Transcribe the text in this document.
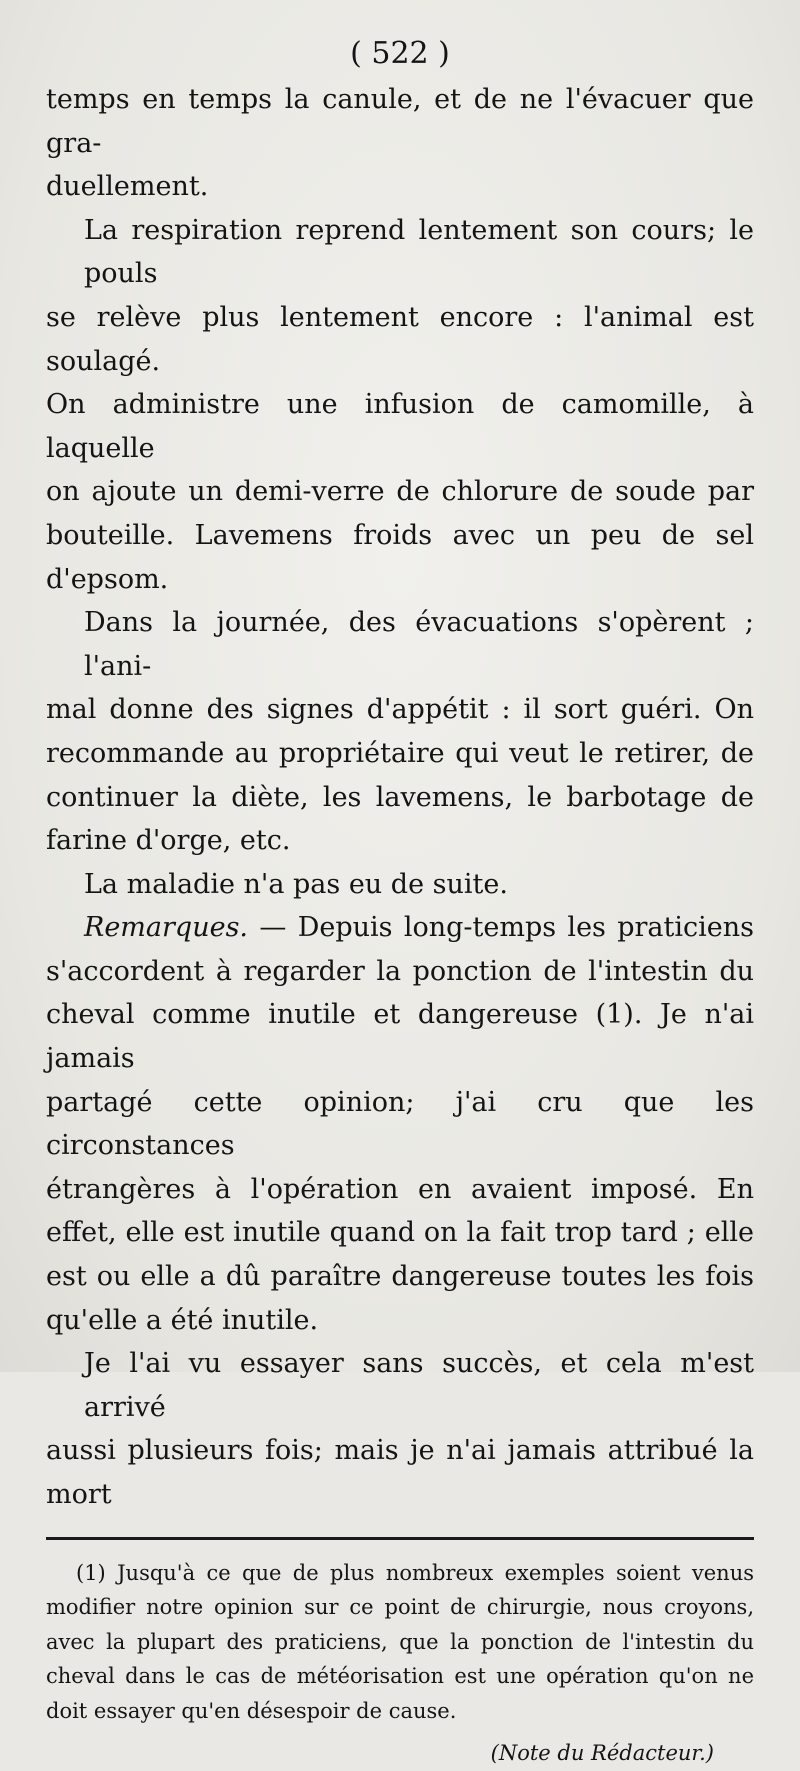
( 522 )

temps en temps la canule, et de ne l'évacuer que gra-
duellement.

La respiration reprend lentement son cours; le pouls
se relève plus lentement encore : l'animal est soulagé.
On administre une infusion de camomille, à laquelle
on ajoute un demi-verre de chlorure de soude par
bouteille. Lavemens froids avec un peu de sel d'epsom.

Dans la journée, des évacuations s'opèrent ; l'ani-
mal donne des signes d'appétit : il sort guéri. On
recommande au propriétaire qui veut le retirer, de
continuer la diète, les lavemens, le barbotage de
farine d'orge, etc.

La maladie n'a pas eu de suite.

Remarques. — Depuis long-temps les praticiens
s'accordent à regarder la ponction de l'intestin du
cheval comme inutile et dangereuse (1). Je n'ai jamais
partagé cette opinion; j'ai cru que les circonstances
étrangères à l'opération en avaient imposé. En
effet, elle est inutile quand on la fait trop tard ; elle
est ou elle a dû paraître dangereuse toutes les fois
qu'elle a été inutile.

Je l'ai vu essayer sans succès, et cela m'est arrivé
aussi plusieurs fois; mais je n'ai jamais attribué la mort

(1) Jusqu'à ce que de plus nombreux exemples soient venus
modifier notre opinion sur ce point de chirurgie, nous croyons,
avec la plupart des praticiens, que la ponction de l'intestin du
cheval dans le cas de météorisation est une opération qu'on ne
doit essayer qu'en désespoir de cause.
(Note du Rédacteur.)
